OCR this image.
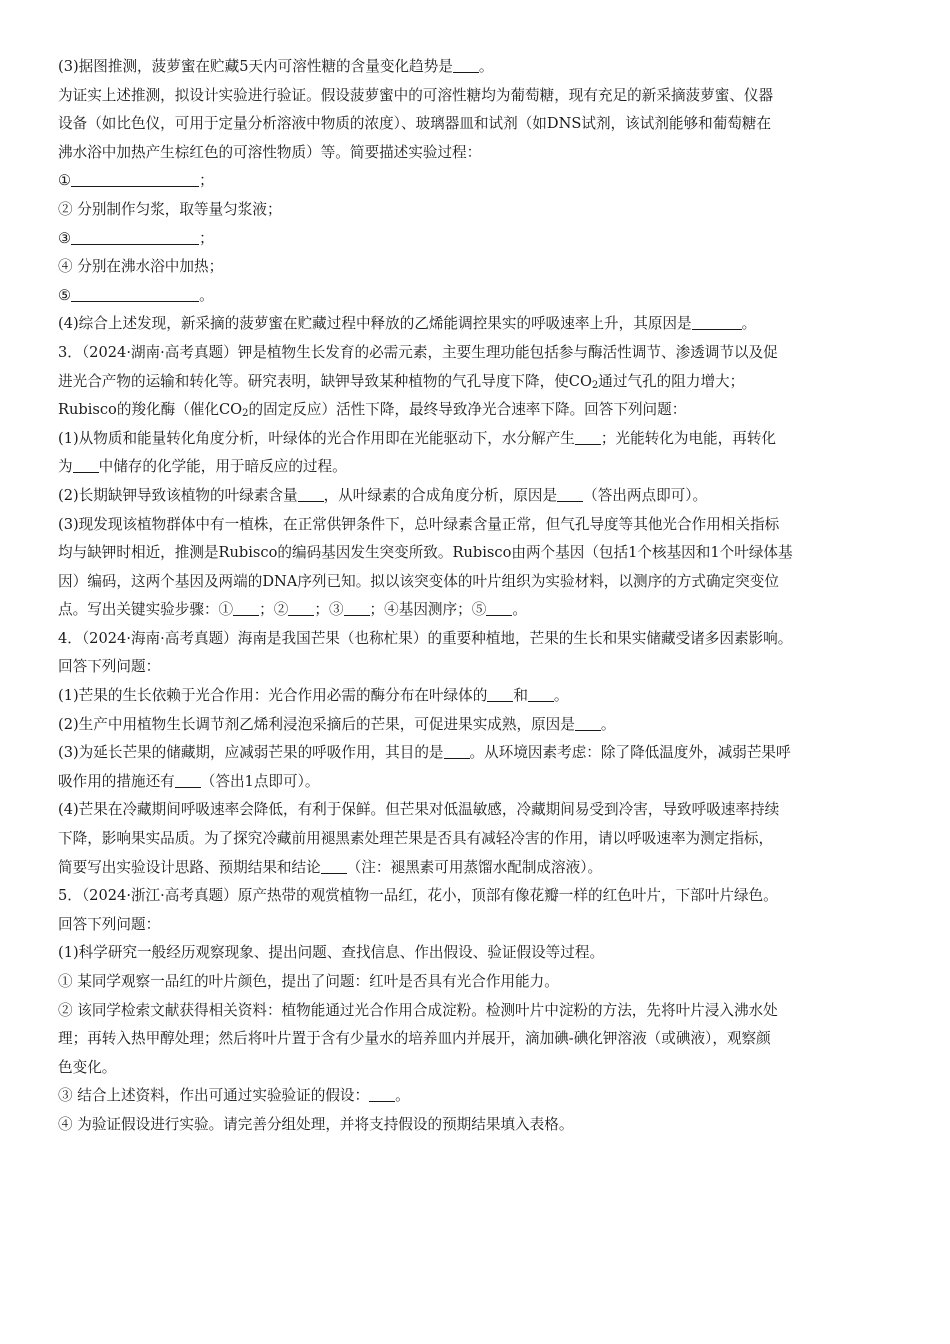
(3)据图推测，菠萝蜜在贮藏5天内可溶性糖的含量变化趋势是 。
为证实上述推测，拟设计实验进行验证。假设菠萝蜜中的可溶性糖均为葡萄糖，现有充足的新采摘菠萝蜜、仪器
设备（如比色仪，可用于定量分析溶液中物质的浓度）、玻璃器皿和试剂（如DNS试剂，该试剂能够和葡萄糖在
沸水浴中加热产生棕红色的可溶性物质）等。简要描述实验过程：
①	；
② 分别制作匀浆，取等量匀浆液；
③	；
④ 分别在沸水浴中加热；
⑤	。
(4)综合上述发现，新采摘的菠萝蜜在贮藏过程中释放的乙烯能调控果实的呼吸速率上升，其原因是	。
3．（2024·湖南·高考真题）钾是植物生长发育的必需元素，主要生理功能包括参与酶活性调节、渗透调节以及促
进光合产物的运输和转化等。研究表明，缺钾导致某种植物的气孔导度下降，使$CO_2$通过气孔的阻力增大；
Rubisco的羧化酶（催化$CO_2$的固定反应）活性下降，最终导致净光合速率下降。回答下列问题：
(1)从物质和能量转化角度分析，叶绿体的光合作用即在光能驱动下，水分解产生 ；光能转化为电能，再转化
为 中储存的化学能，用于暗反应的过程。
(2)长期缺钾导致该植物的叶绿素含量 ，从叶绿素的合成角度分析，原因是 （答出两点即可）。
(3)现发现该植物群体中有一植株，在正常供钾条件下，总叶绿素含量正常，但气孔导度等其他光合作用相关指标
均与缺钾时相近，推测是Rubisco的编码基因发生突变所致。Rubisco由两个基因（包括1个核基因和1个叶绿体基
因）编码，这两个基因及两端的DNA序列已知。拟以该突变体的叶片组织为实验材料，以测序的方式确定突变位
点。写出关键实验步骤：① ；② ；③ ；④基因测序；⑤ 。
4．（2024·海南·高考真题）海南是我国芒果（也称杧果）的重要种植地，芒果的生长和果实储藏受诸多因素影响。
回答下列问题：
(1)芒果的生长依赖于光合作用：光合作用必需的酶分布在叶绿体的 和 。
(2)生产中用植物生长调节剂乙烯利浸泡采摘后的芒果，可促进果实成熟，原因是 。
(3)为延长芒果的储藏期，应减弱芒果的呼吸作用，其目的是 。从环境因素考虑：除了降低温度外，减弱芒果呼
吸作用的措施还有 （答出1点即可）。
(4)芒果在冷藏期间呼吸速率会降低，有利于保鲜。但芒果对低温敏感，冷藏期间易受到冷害，导致呼吸速率持续
下降，影响果实品质。为了探究冷藏前用褪黑素处理芒果是否具有减轻冷害的作用，请以呼吸速率为测定指标，
简要写出实验设计思路、预期结果和结论 （注：褪黑素可用蒸馏水配制成溶液）。
5．（2024·浙江·高考真题）原产热带的观赏植物一品红，花小，顶部有像花瓣一样的红色叶片，下部叶片绿色。
回答下列问题：
(1)科学研究一般经历观察现象、提出问题、查找信息、作出假设、验证假设等过程。
① 某同学观察一品红的叶片颜色，提出了问题：红叶是否具有光合作用能力。
② 该同学检索文献获得相关资料：植物能通过光合作用合成淀粉。检测叶片中淀粉的方法，先将叶片浸入沸水处
理；再转入热甲醇处理；然后将叶片置于含有少量水的培养皿内并展开，滴加碘-碘化钾溶液（或碘液），观察颜
色变化。
③ 结合上述资料，作出可通过实验验证的假设： 。
④ 为验证假设进行实验。请完善分组处理，并将支持假设的预期结果填入表格。
